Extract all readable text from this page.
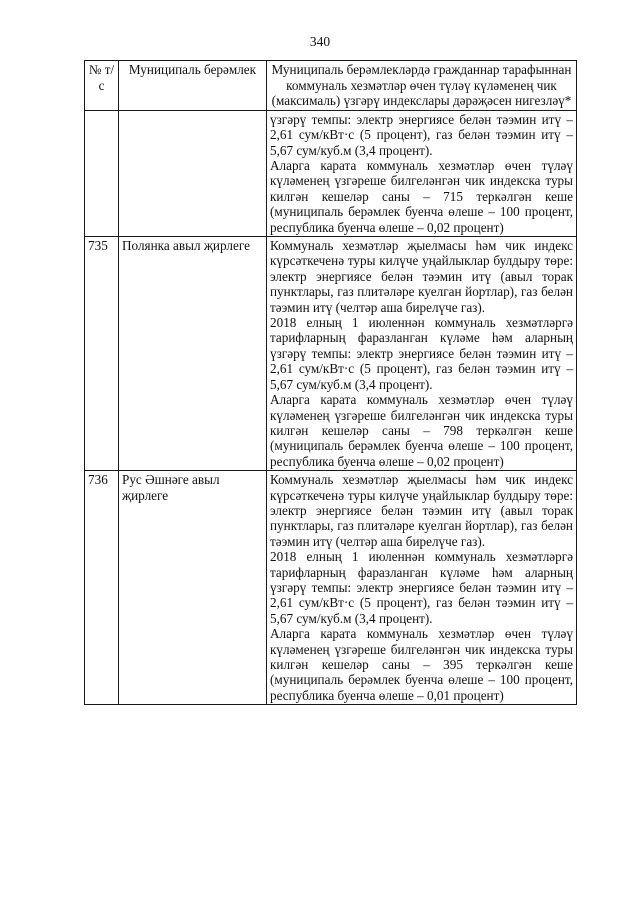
340
№ т/с	Муниципаль берәмлек	Муниципаль берәмлекләрдә гражданнар тарафыннан коммуналь хезмәтләр өчен түләү күләменең чик (максималь) үзгәрү индекслары дәрәҗәсен нигезләү*

		үзгәрү темпы: электр энергиясе белән тәэмин итү – 2,61 сум/кВт·с (5 процент), газ белән тәэмин итү – 5,67 сум/куб.м (3,4 процент).
Аларга карата коммуналь хезмәтләр өчен түләү күләменең үзгәреше билгеләнгән чик индекска туры килгән кешеләр саны – 715 теркәлгән кеше (муниципаль берәмлек буенча өлеше – 100 процент, республика буенча өлеше – 0,02 процент)

735	Полянка авыл җирлеге	Коммуналь хезмәтләр җыелмасы һәм чик индекс күрсәткеченә туры килүче уңайлыклар булдыру төре: электр энергиясе белән тәэмин итү (авыл торак пунктлары, газ плитәләре куелган йортлар), газ белән тәэмин итү (челтәр аша бирелүче газ).
2018 елның 1 июленнән коммуналь хезмәтләргә тарифларның фаразланган күләме һәм аларның үзгәрү темпы: электр энергиясе белән тәэмин итү – 2,61 сум/кВт·с (5 процент), газ белән тәэмин итү – 5,67 сум/куб.м (3,4 процент).
Аларга карата коммуналь хезмәтләр өчен түләү күләменең үзгәреше билгеләнгән чик индекска туры килгән кешеләр саны – 798 теркәлгән кеше (муниципаль берәмлек буенча өлеше – 100 процент, республика буенча өлеше – 0,02 процент)

736	Рус Әшнәге авыл җирлеге	Коммуналь хезмәтләр җыелмасы һәм чик индекс күрсәткеченә туры килүче уңайлыклар булдыру төре: электр энергиясе белән тәэмин итү (авыл торак пунктлары, газ плитәләре куелган йортлар), газ белән тәэмин итү (челтәр аша бирелүче газ).
2018 елның 1 июленнән коммуналь хезмәтләргә тарифларның фаразланган күләме һәм аларның үзгәрү темпы: электр энергиясе белән тәэмин итү – 2,61 сум/кВт·с (5 процент), газ белән тәэмин итү – 5,67 сум/куб.м (3,4 процент).
Аларга карата коммуналь хезмәтләр өчен түләү күләменең үзгәреше билгеләнгән чик индекска туры килгән кешеләр саны – 395 теркәлгән кеше (муниципаль берәмлек буенча өлеше – 100 процент, республика буенча өлеше – 0,01 процент)
